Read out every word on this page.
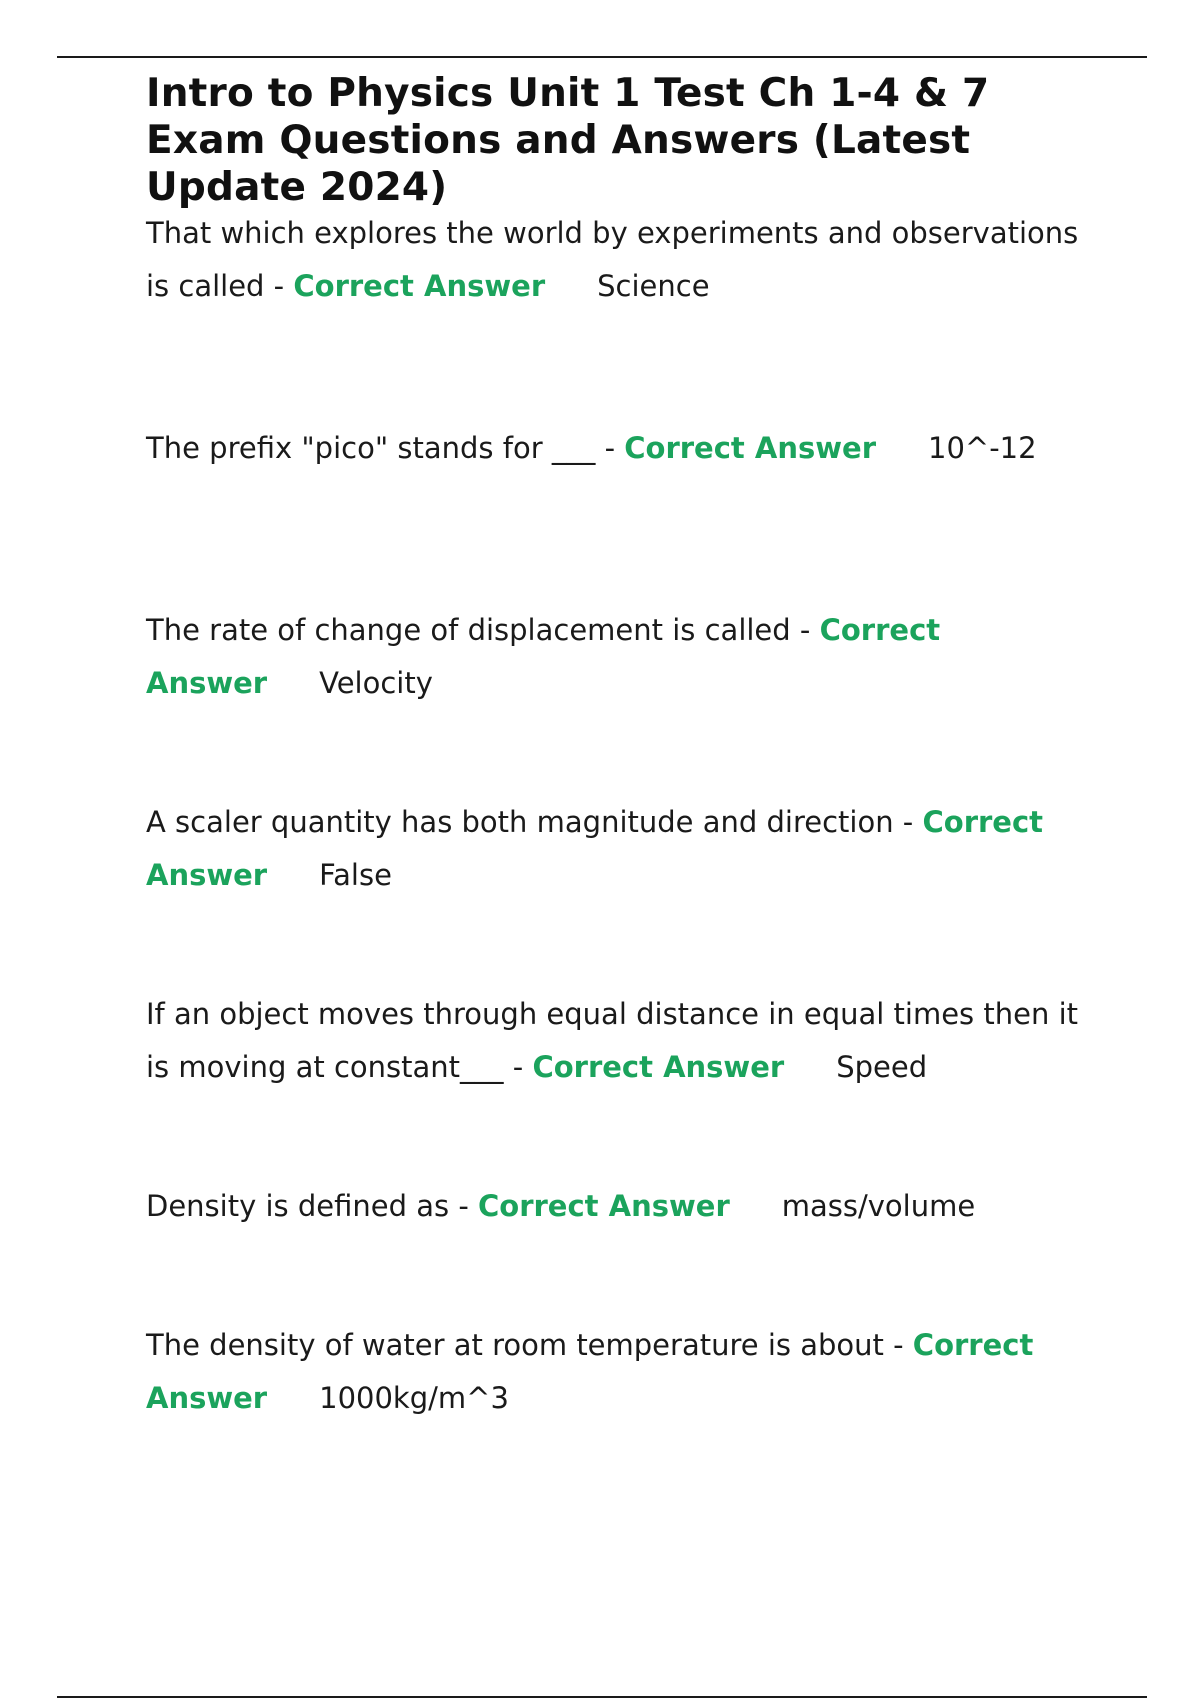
Intro to Physics Unit 1 Test Ch 1-4 & 7 Exam Questions and Answers (Latest Update 2024)

That which explores the world by experiments and observations is called - Correct Answer Science

The prefix "pico" stands for ___ - Correct Answer 10^-12

The rate of change of displacement is called - Correct Answer Velocity

A scaler quantity has both magnitude and direction - Correct Answer False

If an object moves through equal distance in equal times then it is moving at constant___ - Correct Answer Speed

Density is defined as - Correct Answer mass/volume

The density of water at room temperature is about - Correct Answer 1000kg/m^3
